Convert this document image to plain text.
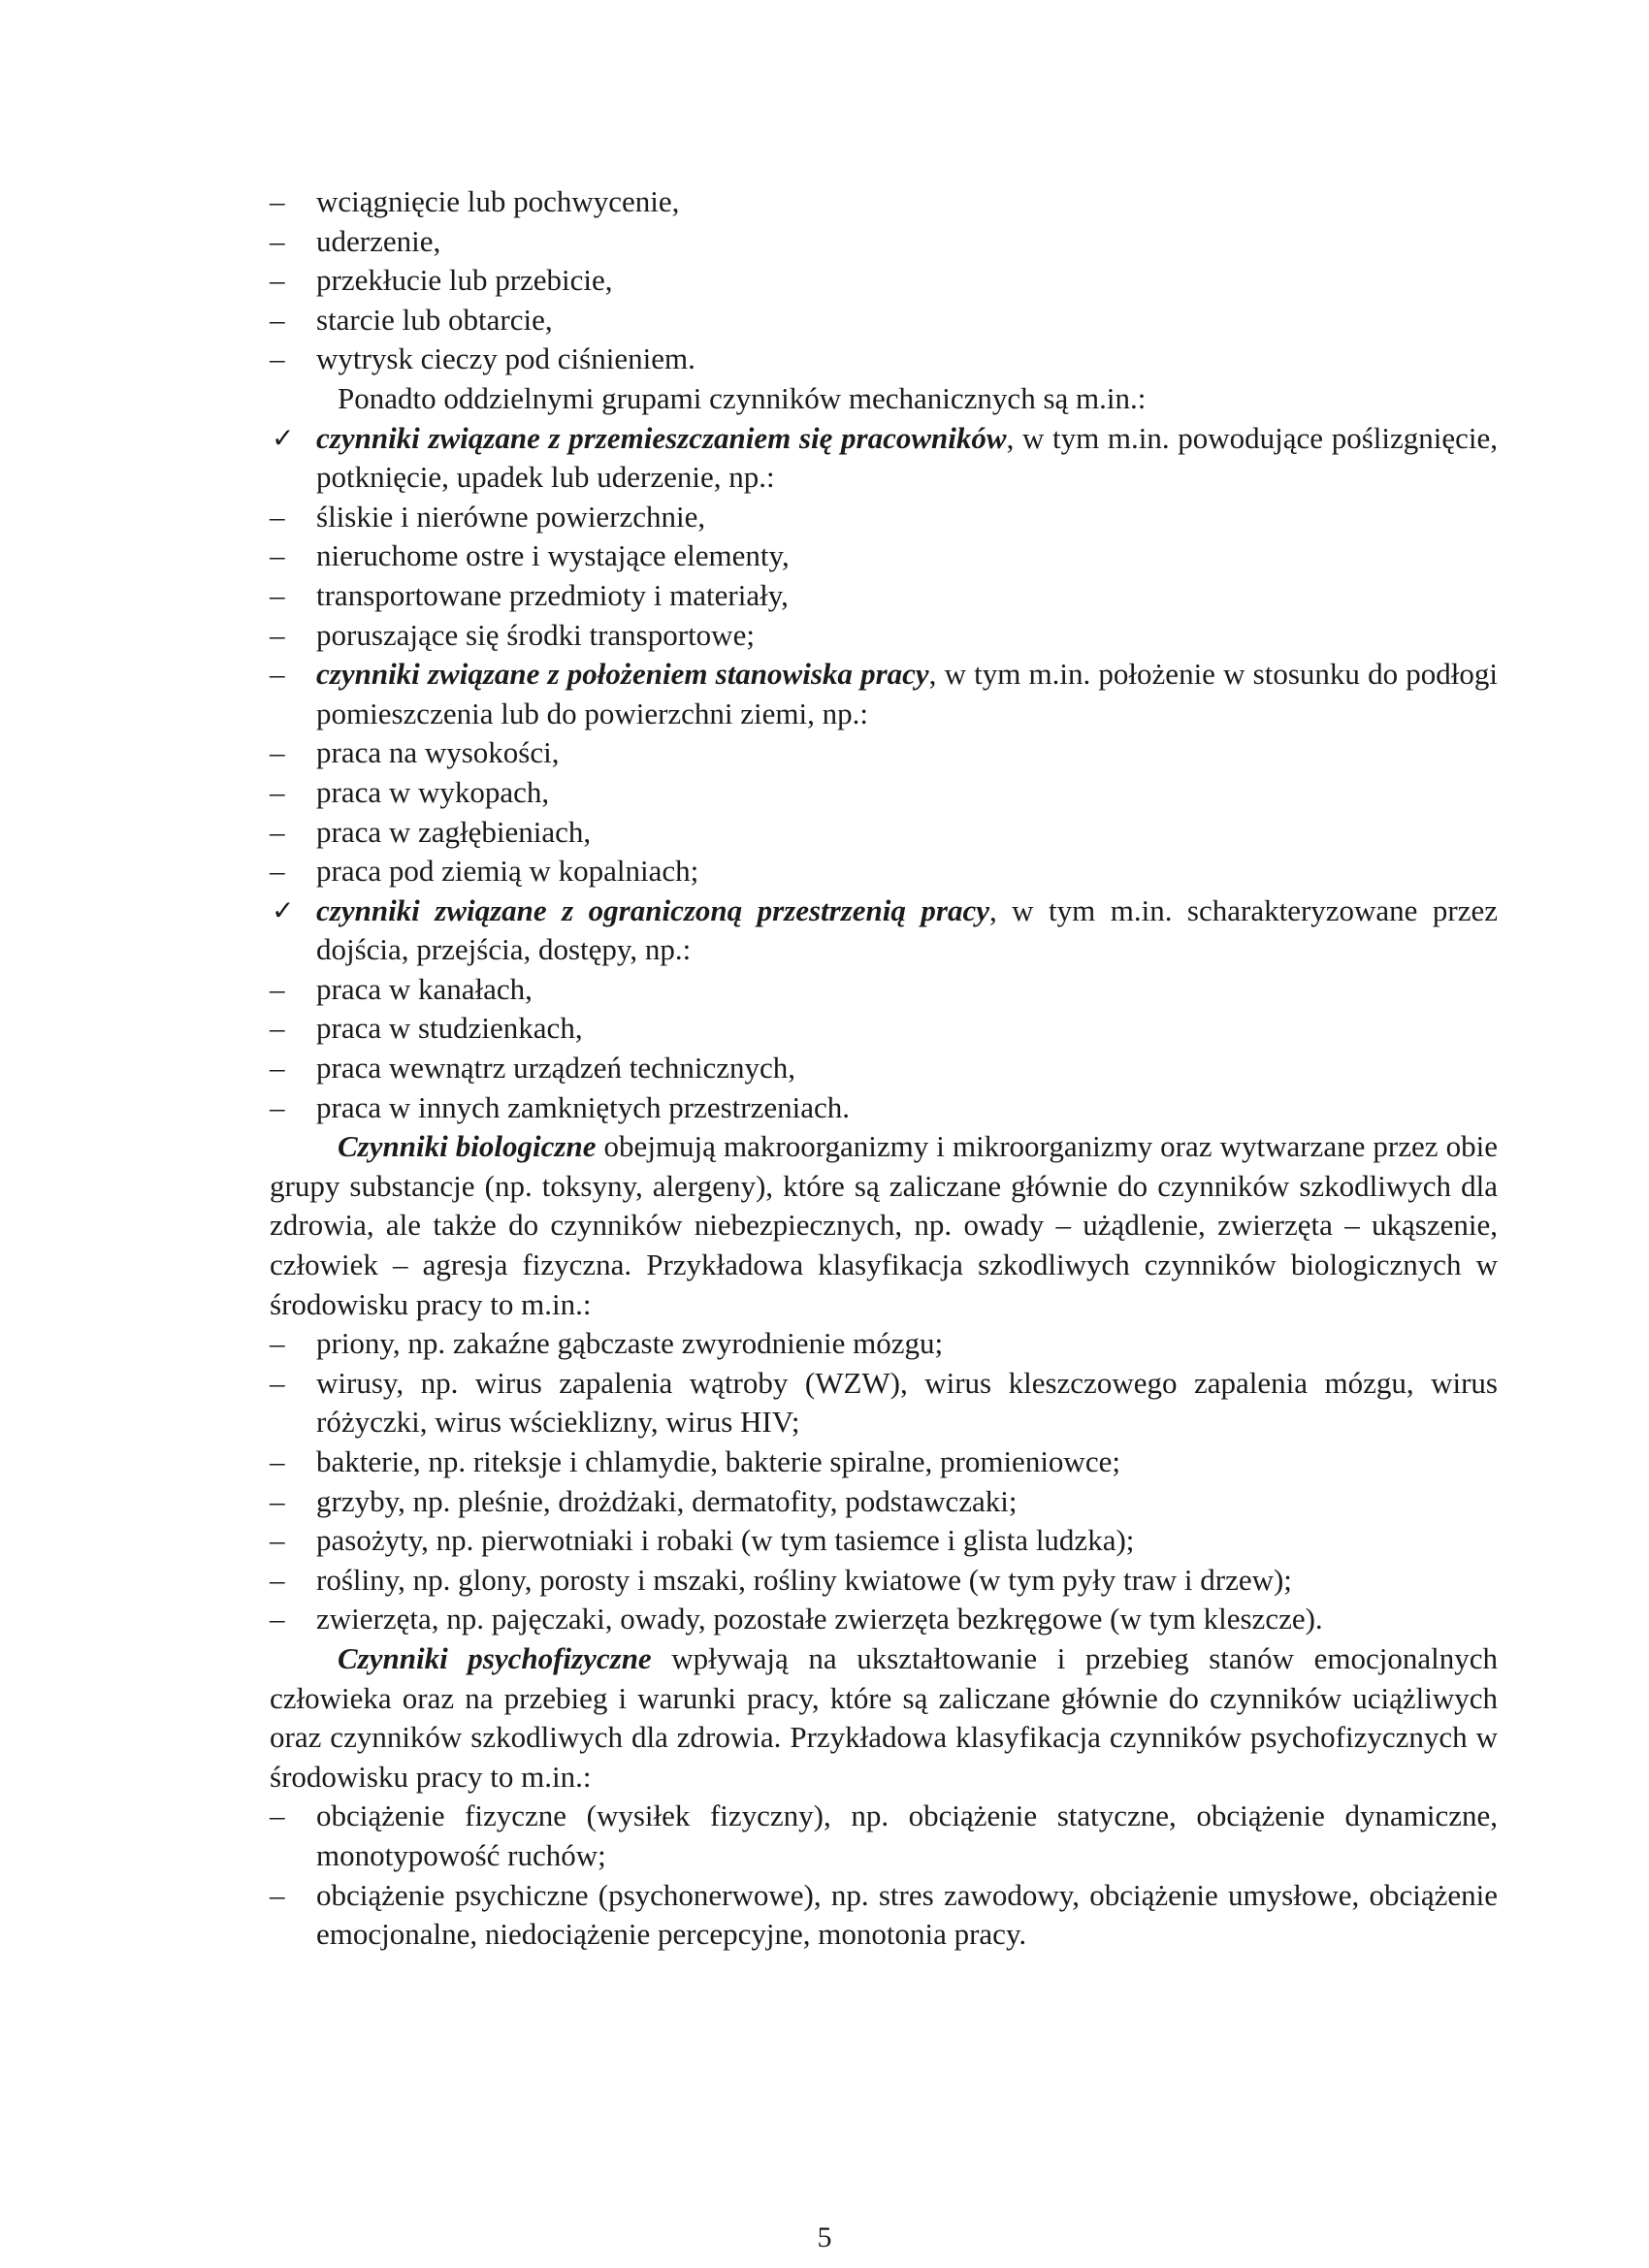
–	wciągnięcie lub pochwycenie,
–	uderzenie,
–	przekłucie lub przebicie,
–	starcie lub obtarcie,
–	wytrysk cieczy pod ciśnieniem.
Ponadto oddzielnymi grupami czynników mechanicznych są m.in.:
✓ czynniki związane z przemieszczaniem się pracowników, w tym m.in. powodujące poślizgnięcie, potknięcie, upadek lub uderzenie, np.:
–	śliskie i nierówne powierzchnie,
–	nieruchome ostre i wystające elementy,
–	transportowane przedmioty i materiały,
–	poruszające się środki transportowe;
–	czynniki związane z położeniem stanowiska pracy, w tym m.in. położenie w stosunku do podłogi pomieszczenia lub do powierzchni ziemi, np.:
–	praca na wysokości,
–	praca w wykopach,
–	praca w zagłębieniach,
–	praca pod ziemią w kopalniach;
✓ czynniki związane z ograniczoną przestrzenią pracy, w tym m.in. scharakteryzowane przez dojścia, przejścia, dostępy, np.:
–	praca w kanałach,
–	praca w studzienkach,
–	praca wewnątrz urządzeń technicznych,
–	praca w innych zamkniętych przestrzeniach.
Czynniki biologiczne obejmują makroorganizmy i mikroorganizmy oraz wytwarzane przez obie grupy substancje (np. toksyny, alergeny), które są zaliczane głównie do czynników szkodliwych dla zdrowia, ale także do czynników niebezpiecznych, np. owady – użądlenie, zwierzęta – ukąszenie, człowiek – agresja fizyczna. Przykładowa klasyfikacja szkodliwych czynników biologicznych w środowisku pracy to m.in.:
–	priony, np. zakaźne gąbczaste zwyrodnienie mózgu;
–	wirusy, np. wirus zapalenia wątroby (WZW), wirus kleszczowego zapalenia mózgu, wirus różyczki, wirus wścieklizny, wirus HIV;
–	bakterie, np. riteksje i chlamydie, bakterie spiralne, promieniowce;
–	grzyby, np. pleśnie, drożdżaki, dermatofity, podstawczaki;
–	pasożyty, np. pierwotniaki i robaki (w tym tasiemce i glista ludzka);
–	rośliny, np. glony, porosty i mszaki, rośliny kwiatowe (w tym pyły traw i drzew);
–	zwierzęta, np. pajęczaki, owady, pozostałe zwierzęta bezkręgowe (w tym kleszcze).
Czynniki psychofizyczne wpływają na ukształtowanie i przebieg stanów emocjonalnych człowieka oraz na przebieg i warunki pracy, które są zaliczane głównie do czynników uciążliwych oraz czynników szkodliwych dla zdrowia. Przykładowa klasyfikacja czynników psychofizycznych w środowisku pracy to m.in.:
–	obciążenie fizyczne (wysiłek fizyczny), np. obciążenie statyczne, obciążenie dynamiczne, monotypowość ruchów;
–	obciążenie psychiczne (psychonerwowe), np. stres zawodowy, obciążenie umysłowe, obciążenie emocjonalne, niedociążenie percepcyjne, monotonia pracy.
5
